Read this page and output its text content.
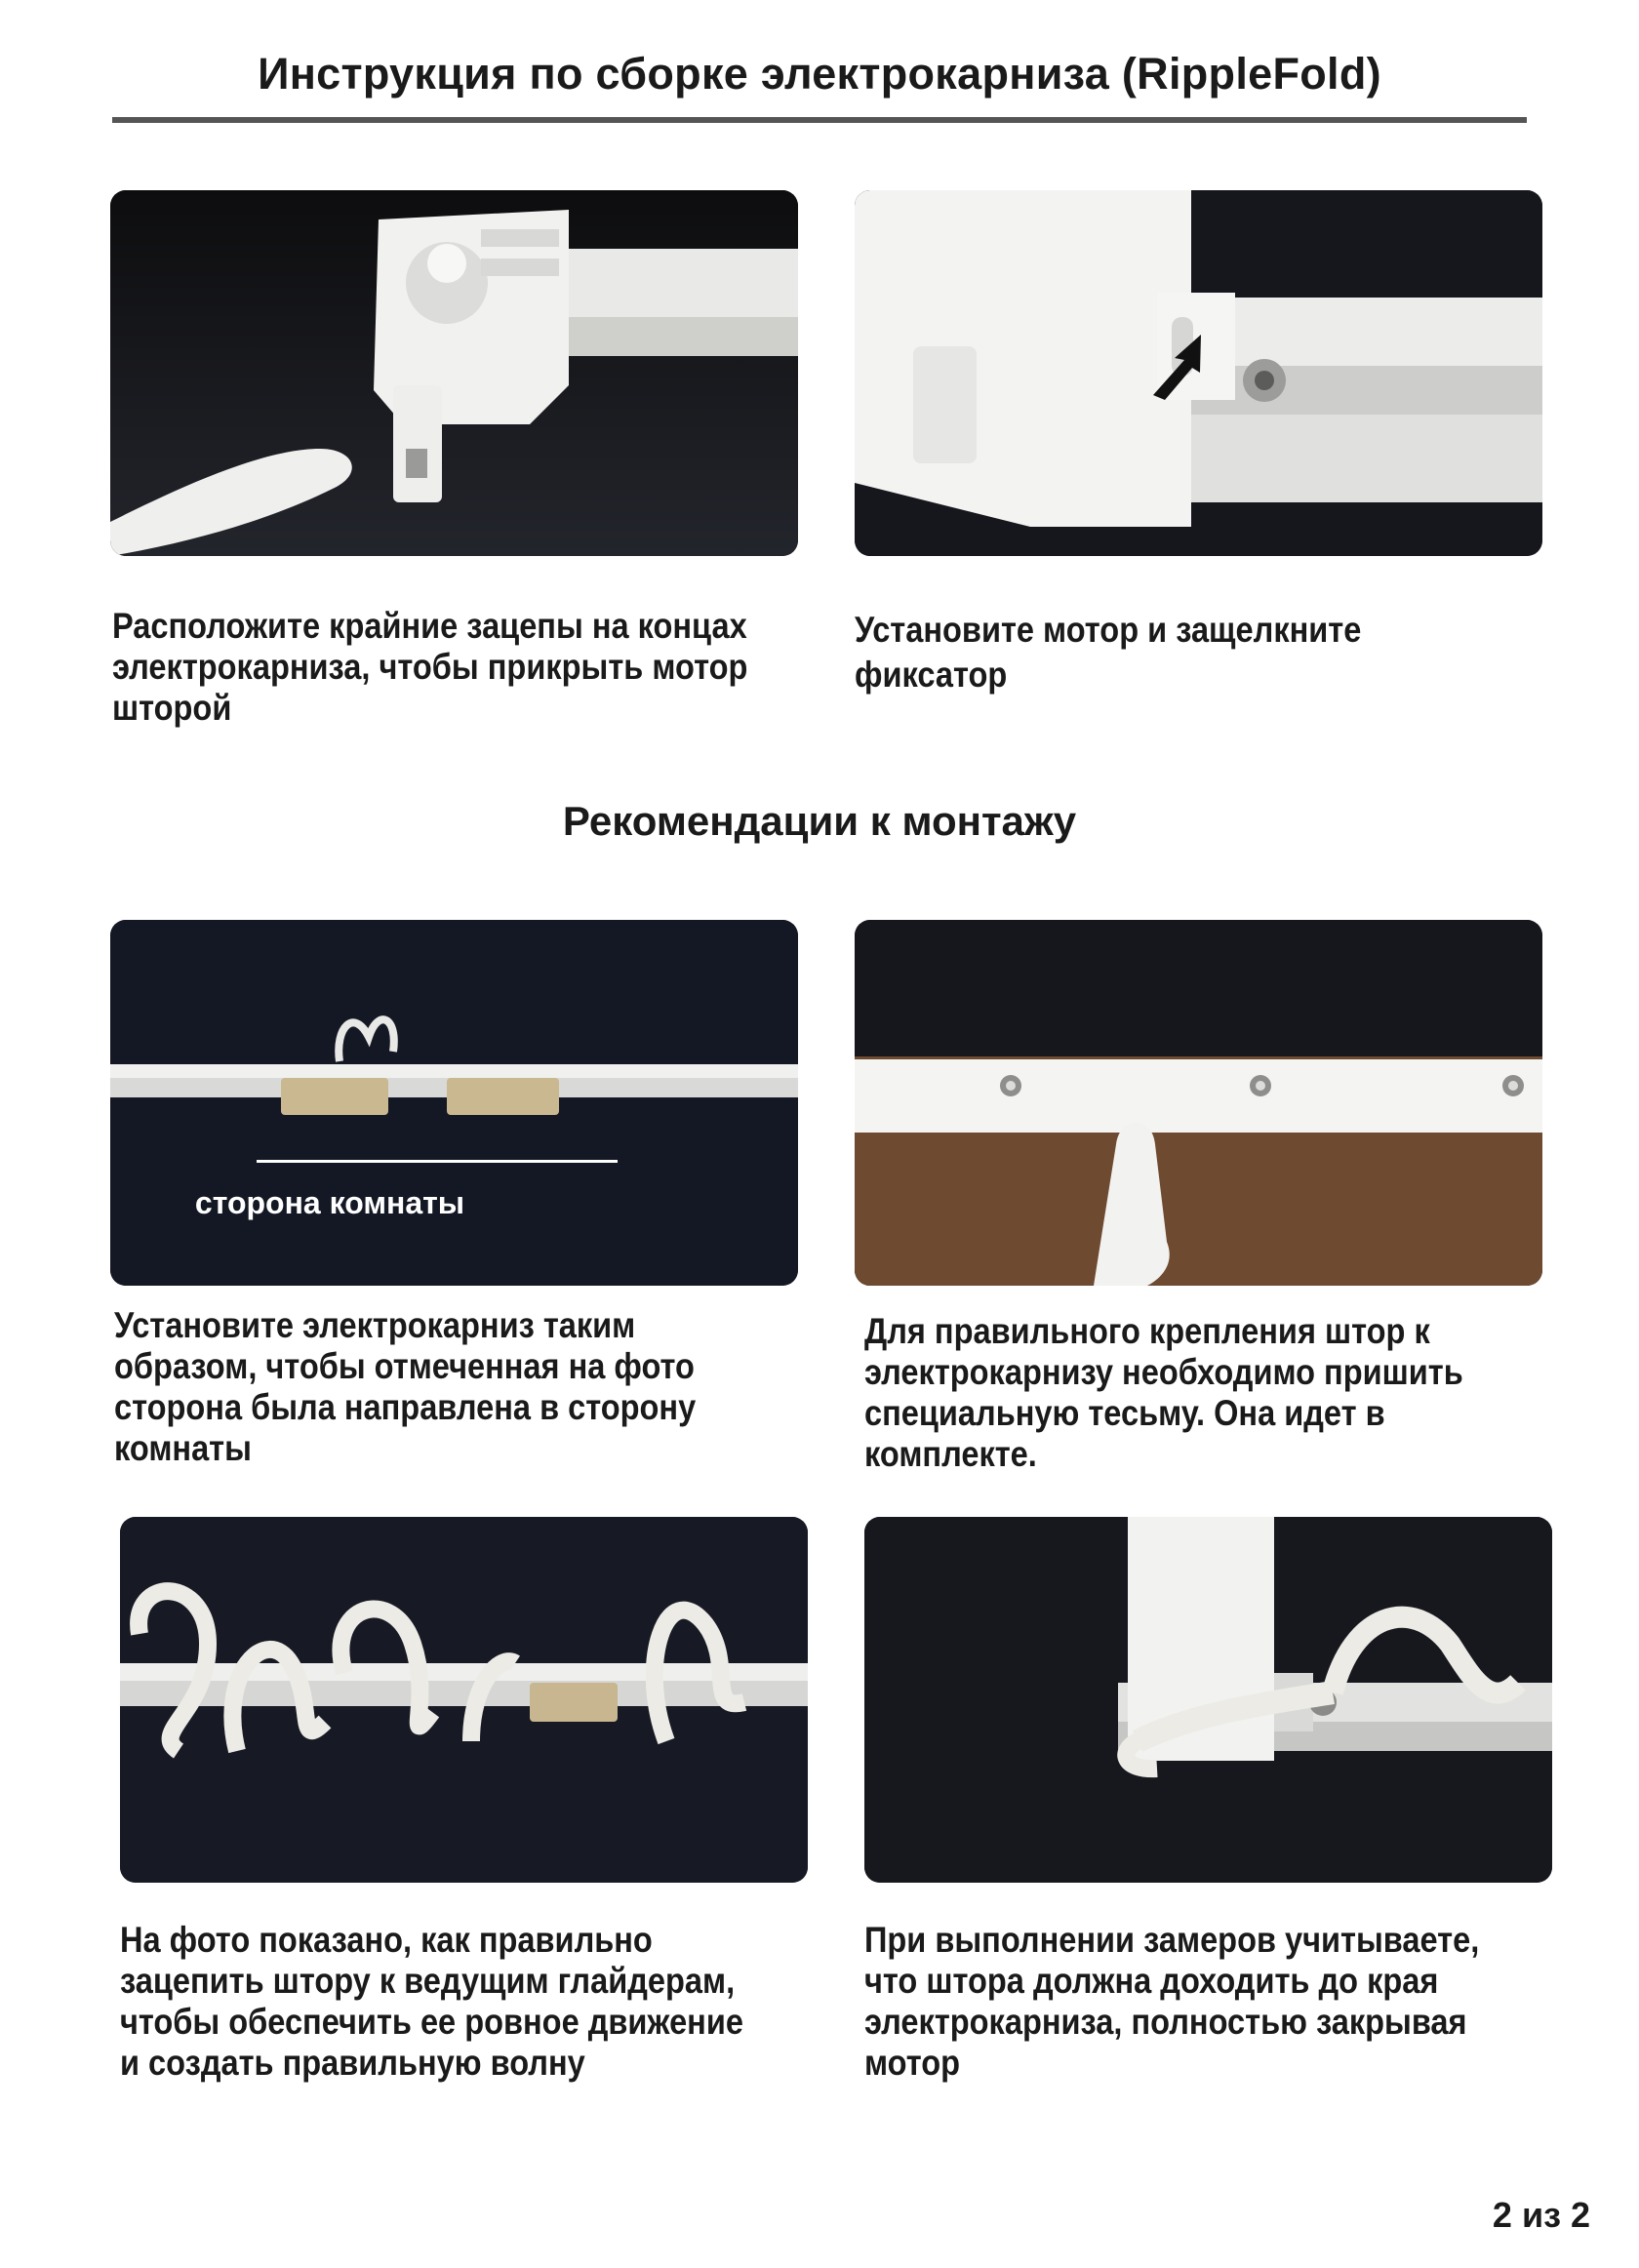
Инструкция по сборке электрокарниза (RippleFold)
Расположите крайние зацепы на концах
электрокарниза, чтобы прикрыть мотор
шторой
Установите мотор и защелкните
фиксатор
Рекомендации к монтажу
сторона комнаты
Установите электрокарниз таким
образом, чтобы отмеченная на фото
сторона была направлена в сторону
комнаты
Для правильного крепления штор к
электрокарнизу необходимо пришить
специальную тесьму. Она идет в
комплекте.
На фото показано, как правильно
зацепить штору к ведущим глайдерам,
чтобы обеспечить ее ровное движение
и создать правильную волну
При выполнении замеров учитываете,
что штора должна доходить до края
электрокарниза, полностью закрывая
мотор
2 из 2
